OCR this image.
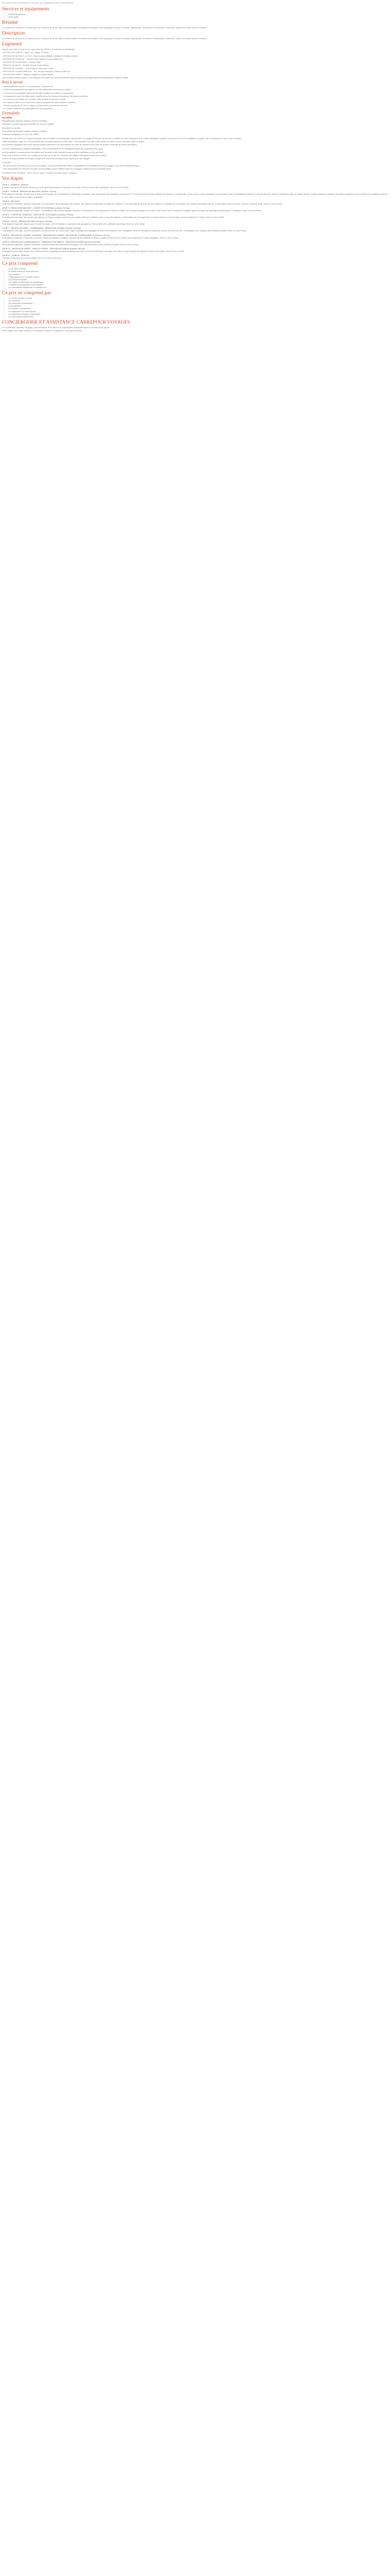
Ce Grand Tour comprend « Ce prix ne comprend pas »Conciergerie
Services et équipements
• Guide francophone
• Local guide
Résumé

Le meilleur de l'Irlande en 11 jours pour une découverte de ses sites incontournables et expériences locales. Entre paysages à couper le souffle, légendaires, rencontres et interactions culturelles, toutes vos envies seront comblées !

Description

Le meilleur de l'Irlande en 11 jours pour une découverte de ses sites incontournables et expériences locales. Entre paysages à couper le souffle, légendaires, rencontres et interactions culturelles, toutes vos envies seront comblées !

Legenend

Durant votre séjour, vous serez logés dans les hôtels 3-4* suivants (ou similaires) :

- RÉGION DE DUBLIN : Grand Inn, Clarion, Premier

- RÉGION DE BELFAST ou JO'S : Curious about Atlantic, Holiday Inn Express Antrim

- RÉGION DE DONEGAL : Clinton Hotel, Station House Letterkenny

- RÉGION DE SLIGO/MAYO : Clarion Sligo

- RÉGION DE MAYO : Westlife Moved, Hotel Ballina

- RÉGION DE GALWAY : Lady Gregory, Oranmore Lodge

- RÉGION DE CLARE/LIMERICK : The Inn at Dromoland, Treacys Oakwood

- RÉGION DE KERRY : Ballyroe Heights ou White Sands

Liste d'hôtels communiquée à titre indicatif, les hôtels vous seront confirmés dans le carnet de voyage transmis quelques jours avant le départ.

Bon à savoir

- Départs garantis à partir de 4 participants, maximum 53.

- Guide accompagnateur francophone à votre disposition durant tout le séjour.

- Le circuit est susceptible d'être inversé sans modifier le contenu du programme.

- Le programme peut être légèrement modifié selon les horaires d'ouverture des sites et activités.

- Les horaires des visites sont donnés à titre indicatif et peuvent évoluer.

- Les repas du midi ne sont pas inclus dans le programme (sauf mention contraire).

- Pendant la période de fin de Pâques, certains sites peuvent être fermés.

- Le nombre minimum de participants est de 4 personnes.

Formalités
IRLANDE

Ressortissants français (adultes, bébés et enfants) :

Passeport ou carte nationale d'identité en cours de validité.

IRLANDE DU NORD

Ressortissants français (adultes, bébés et enfants) :

Passeport obligatoire en cours de validité.

À partir du 2 avril 2025, les citoyens français devront obtenir une Autorisation électronique de voyage (ETA) pour se rendre en Irlande du Nord (Royaume-Uni). Cette autorisation, gratuite ou payante selon les modalités en vigueur, est à demander en ligne avant le départ.

Cette autorisation coûte 16 £ et est valable pour plusieurs séjours sur deux ans. Il est conseillé d'en faire la demande au moins 3 jours ouvrables avant le départ.

Les mineurs voyageant sans leurs parents doivent présenter une autorisation de sortie du territoire et la copie de la pièce d'identité du parent signataire.

Pour les ressortissants d'autres nationalités, il est recommandé de se renseigner auprès du consulat de leur pays.

Les informations concernant les formalités sont données à titre indicatif et peuvent être modifiées par les autorités.

Nous vous invitons à vérifier les conditions d'entrée sur le site du ministère des Affaires étrangères avant votre départ.

Il est de la responsabilité de chaque voyageur de posséder les documents requis pour son voyage.

A NOTER

- En cas d'oubli, de perte ou de vol de vos papiers, nous ne pouvons être tenus responsables de l'annulation de votre voyage ou du refus d'embarquement.

- Pour tout départ d'un aéroport français, les formalités peuvent différer selon la compagnie aérienne et la destination finale.

COURANT ÉLECTRIQUE : 230 V, 50 Hz. Type G (Irlande du Nord), type G (Irlande).

Vos étapes

JOUR 1 - FRANCE - DUBLIN

Arrivée à l'aéroport de Dublin. Accueil par votre guide francophone et transfert vers votre hôtel en centre-ville. Installation, dîner et nuit à l'hôtel.

JOUR 2 - DUBLIN - RÉGION DE BELFAST (environ 175 km)

Petit déjeuner irlandais. Départ pour la visite panoramique de la capitale de la République d'Irlande. Vous découvrirez les principaux monuments : l'O'Connell Street, Trinity College et le quartier de Temple Bar. Route vers le nord et passage de la frontière entre la République d'Irlande et l'Irlande du Nord. Arrivée à Belfast et visite du Titanic Belfast, musée consacré à l'histoire du célèbre paquebot construit dans les chantiers navals de la ville. Dîner et nuit dans la région de Belfast.

JOUR 3 - BELFAST

Petit déjeuner irlandais. Journée consacrée à la découverte de la chaussée des Géants, site classé au Patrimoine mondial de l'UNESCO. Cet ensemble de plus de 40 000 colonnes de basalte est le résultat d'une activité volcanique intense. Continuation vers le pont de corde de Carrick-a-Rede. Dîner et nuit à l'hôtel.

JOUR 4 - RÉGION DE BELFAST - COMTÉ DE DONEGAL (environ 215 km)

Petit déjeuner irlandais. Départ vers Derry / Londonderry, ville fortifiée chargée d'histoire. Promenade sur les remparts de la ville qui offrent une vue panoramique sur la vieille ville. Route vers le comté de Donegal, région sauvage aux paysages spectaculaires. Installation, dîner et nuit à l'hôtel.

JOUR 5 - COMTÉ DE DONEGAL - RÉGION DE SLIGO/MAYO (environ 175 km)

Petit déjeuner irlandais. Découverte des falaises de Slieve League, parmi les plus hautes d'Europe. Balade à pied le long des falaises. Continuation vers Donegal Town et découverte du comté de Sligo, terre du poète W. B. Yeats. Dîner et nuit à l'hôtel.

JOUR 6 - SLIGO - RÉGION DE MAYO (environ 110 km)

Petit déjeuner irlandais. Départ vers le comté de Mayo. Arrêt à Westport, charmante ville géorgienne. Découverte de la distillerie de whisky. Dîner et nuit à l'hôtel.

JOUR 7 - RÉGION DE MAYO - CONNEMARA - RÉGION DE GALWAY (environ 190 km)

Petit déjeuner irlandais. Journée consacrée à la découverte du Connemara, région sauvage aux paysages de lacs, de tourbières et de montagnes. Visite de l'abbaye de Kylemore, nichée au bord d'un lac. Continuation vers Galway, ville étudiante animée. Dîner et nuit à l'hôtel.

JOUR 8 - RÉGION DE GALWAY - BURREN - FALAISES DE MOHER - RÉGION DE CLARE/LIMERICK (environ 175 km)

Petit déjeuner irlandais. Traversée du Burren, région de plateaux calcaires. Découverte des falaises de Moher, hautes de plus de 200 mètres, qui surplombent l'océan Atlantique. Dîner et nuit à l'hôtel.

JOUR 9 - RÉGION DE CLARE/LIMERICK - PÉNINSULE DE DINGLE - RÉGION DE KERRY (environ 205 km)

Petit déjeuner irlandais. Journée consacrée à la découverte de la péninsule de Dingle, l'une des plus belles routes côtières d'Irlande. Dîner et nuit à l'hôtel.

JOUR 10 - RÉGION DE KERRY - RING OF KERRY - RÉGION DE DUBLIN (environ 350 km)

Petit déjeuner irlandais. Départ pour le Ring of Kerry, magnifique route panoramique qui fait le tour de la péninsule d'Iveragh. Arrêt dans le parc national de Killarney. Route vers Dublin. Dîner et nuit à l'hôtel.

JOUR 11 - DUBLIN - FRANCE

Transfert à l'aéroport selon les horaires de vol. Fin de nos services.

Ce prix comprend
• Le vol aller et retour
• Le forfait bateau et taxes aéroport
• Les transferts
• L'hébergement en chambre double
• La pension complète
• Les visites mentionnées au programme
• Le guide accompagnateur francophone
• Les assurances assistance et rapatriement
Ce prix ne comprend pas
• Le prix de la mise à niveau
• Les boissons
• Les dépenses personnelles
• Les pourboires
• Les activités optionnelles
• Les déjeuners non mentionnés
• Le supplément chambre individuelle
• Les assurances optionnelles
CONCIERGERIE ET ASSISTANCE CARREFOUR VOYAGES

En choisissant Carrefour Voyages, vous bénéficiez d'un service de conciergerie accessible avant et pendant votre séjour.

Notre équipe est à votre écoute pour répondre à toutes vos questions, du lundi au samedi.
